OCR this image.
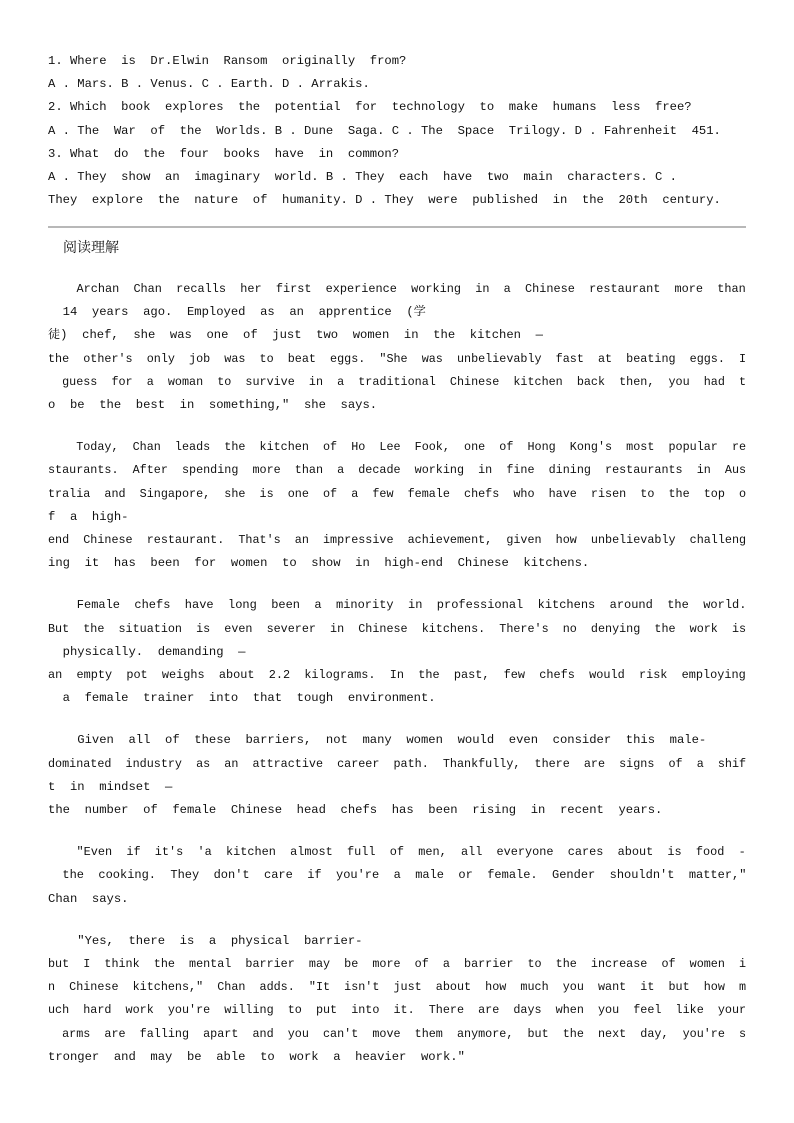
1. Where  is  Dr.Elwin  Ransom  originally  from?
A . Mars. B . Venus. C . Earth. D . Arrakis.
2. Which  book  explores  the  potential  for  technology  to  make  humans  less  free?
A . The  War  of  the  Worlds. B . Dune  Saga. C . The  Space  Trilogy. D . Fahrenheit  451.
3. What  do  the  four  books  have  in  common?
A . They  show  an  imaginary  world. B . They  each  have  two  main  characters. C .
They  explore  the  nature  of  humanity. D . They  were  published  in  the  20th  century.
阅读理解
Archan  Chan  recalls  her  first  experience  working  in  a  Chinese  restaurant  more  than
14  years  ago.  Employed  as  an  apprentice  (学
徒)  chef,  she  was  one  of  just  two  women  in  the  kitchen  —
the  other's  only  job  was  to  beat  eggs.  "She  was  unbelievably  fast  at  beating  eggs.  I
guess  for  a  woman  to  survive  in  a  traditional  Chinese  kitchen  back  then,  you  had  t
o  be  the  best  in  something,"  she  says.
Today,  Chan  leads  the  kitchen  of  Ho  Lee  Fook,  one  of  Hong  Kong's  most  popular  re
staurants.  After  spending  more  than  a  decade  working  in  fine  dining  restaurants  in  Aus
tralia  and  Singapore,  she  is  one  of  a  few  female  chefs  who  have  risen  to  the  top  o
f  a  high-
end  Chinese  restaurant.  That's  an  impressive  achievement,  given  how  unbelievably  challeng
ing  it  has  been  for  women  to  show  in  high-end  Chinese  kitchens.
Female  chefs  have  long  been  a  minority  in  professional  kitchens  around  the  world.
But  the  situation  is  even  severer  in  Chinese  kitchens.  There's  no  denying  the  work  is
physically.  demanding  —
an  empty  pot  weighs  about  2.2  kilograms.  In  the  past,  few  chefs  would  risk  employing
a  female  trainer  into  that  tough  environment.
Given  all  of  these  barriers,  not  many  women  would  even  consider  this  male-
dominated  industry  as  an  attractive  career  path.  Thankfully,  there  are  signs  of  a  shif
t  in  mindset  —
the  number  of  female  Chinese  head  chefs  has  been  rising  in  recent  years.
"Even  if  it's  'a  kitchen  almost  full  of  men,  all  everyone  cares  about  is  food  -
the  cooking.  They  don't  care  if  you're  a  male  or  female.  Gender  shouldn't  matter,"
Chan  says.
"Yes,  there  is  a  physical  barrier-
but  I  think  the  mental  barrier  may  be  more  of  a  barrier  to  the  increase  of  women  i
n  Chinese  kitchens,"  Chan  adds.  "It  isn't  just  about  how  much  you  want  it  but  how  m
uch  hard  work  you're  willing  to  put  into  it.  There  are  days  when  you  feel  like  your
arms  are  falling  apart  and  you  can't  move  them  anymore,  but  the  next  day,  you're  s
tronger  and  may  be  able  to  work  a  heavier  work."
